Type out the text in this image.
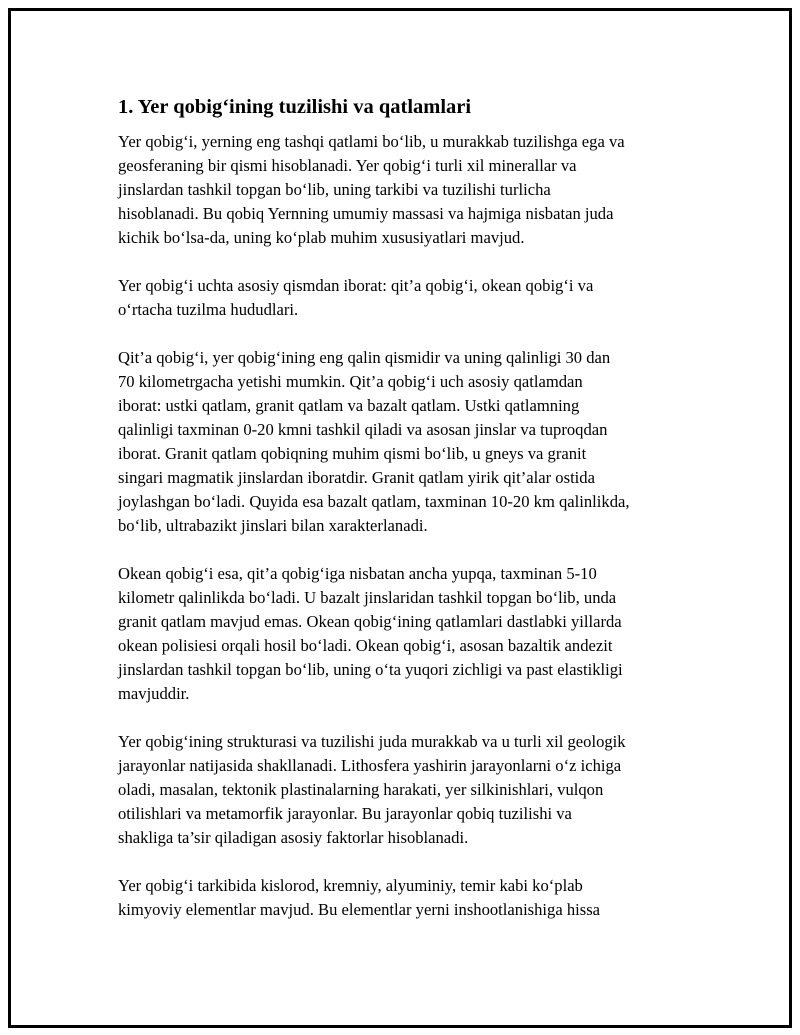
1. Yer qobig‘ining tuzilishi va qatlamlari

Yer qobig‘i, yerning eng tashqi qatlami bo‘lib, u murakkab tuzilishga ega va
geosferaning bir qismi hisoblanadi. Yer qobig‘i turli xil minerallar va
jinslardan tashkil topgan bo‘lib, uning tarkibi va tuzilishi turlicha
hisoblanadi. Bu qobiq Yernning umumiy massasi va hajmiga nisbatan juda
kichik bo‘lsa-da, uning ko‘plab muhim xususiyatlari mavjud.

Yer qobig‘i uchta asosiy qismdan iborat: qit’a qobig‘i, okean qobig‘i va
o‘rtacha tuzilma hududlari.

Qit’a qobig‘i, yer qobig‘ining eng qalin qismidir va uning qalinligi 30 dan
70 kilometrgacha yetishi mumkin. Qit’a qobig‘i uch asosiy qatlamdan
iborat: ustki qatlam, granit qatlam va bazalt qatlam. Ustki qatlamning
qalinligi taxminan 0-20 kmni tashkil qiladi va asosan jinslar va tuproqdan
iborat. Granit qatlam qobiqning muhim qismi bo‘lib, u gneys va granit
singari magmatik jinslardan iboratdir. Granit qatlam yirik qit’alar ostida
joylashgan bo‘ladi. Quyida esa bazalt qatlam, taxminan 10-20 km qalinlikda,
bo‘lib, ultrabazikt jinslari bilan xarakterlanadi.

Okean qobig‘i esa, qit’a qobig‘iga nisbatan ancha yupqa, taxminan 5-10
kilometr qalinlikda bo‘ladi. U bazalt jinslaridan tashkil topgan bo‘lib, unda
granit qatlam mavjud emas. Okean qobig‘ining qatlamlari dastlabki yillarda
okean polisiesi orqali hosil bo‘ladi. Okean qobig‘i, asosan bazaltik andezit
jinslardan tashkil topgan bo‘lib, uning o‘ta yuqori zichligi va past elastikligi
mavjuddir.

Yer qobig‘ining strukturasi va tuzilishi juda murakkab va u turli xil geologik
jarayonlar natijasida shakllanadi. Lithosfera yashirin jarayonlarni o‘z ichiga
oladi, masalan, tektonik plastinalarning harakati, yer silkinishlari, vulqon
otilishlari va metamorfik jarayonlar. Bu jarayonlar qobiq tuzilishi va
shakliga ta’sir qiladigan asosiy faktorlar hisoblanadi.

Yer qobig‘i tarkibida kislorod, kremniy, alyuminiy, temir kabi ko‘plab
kimyoviy elementlar mavjud. Bu elementlar yerni inshootlanishiga hissa
